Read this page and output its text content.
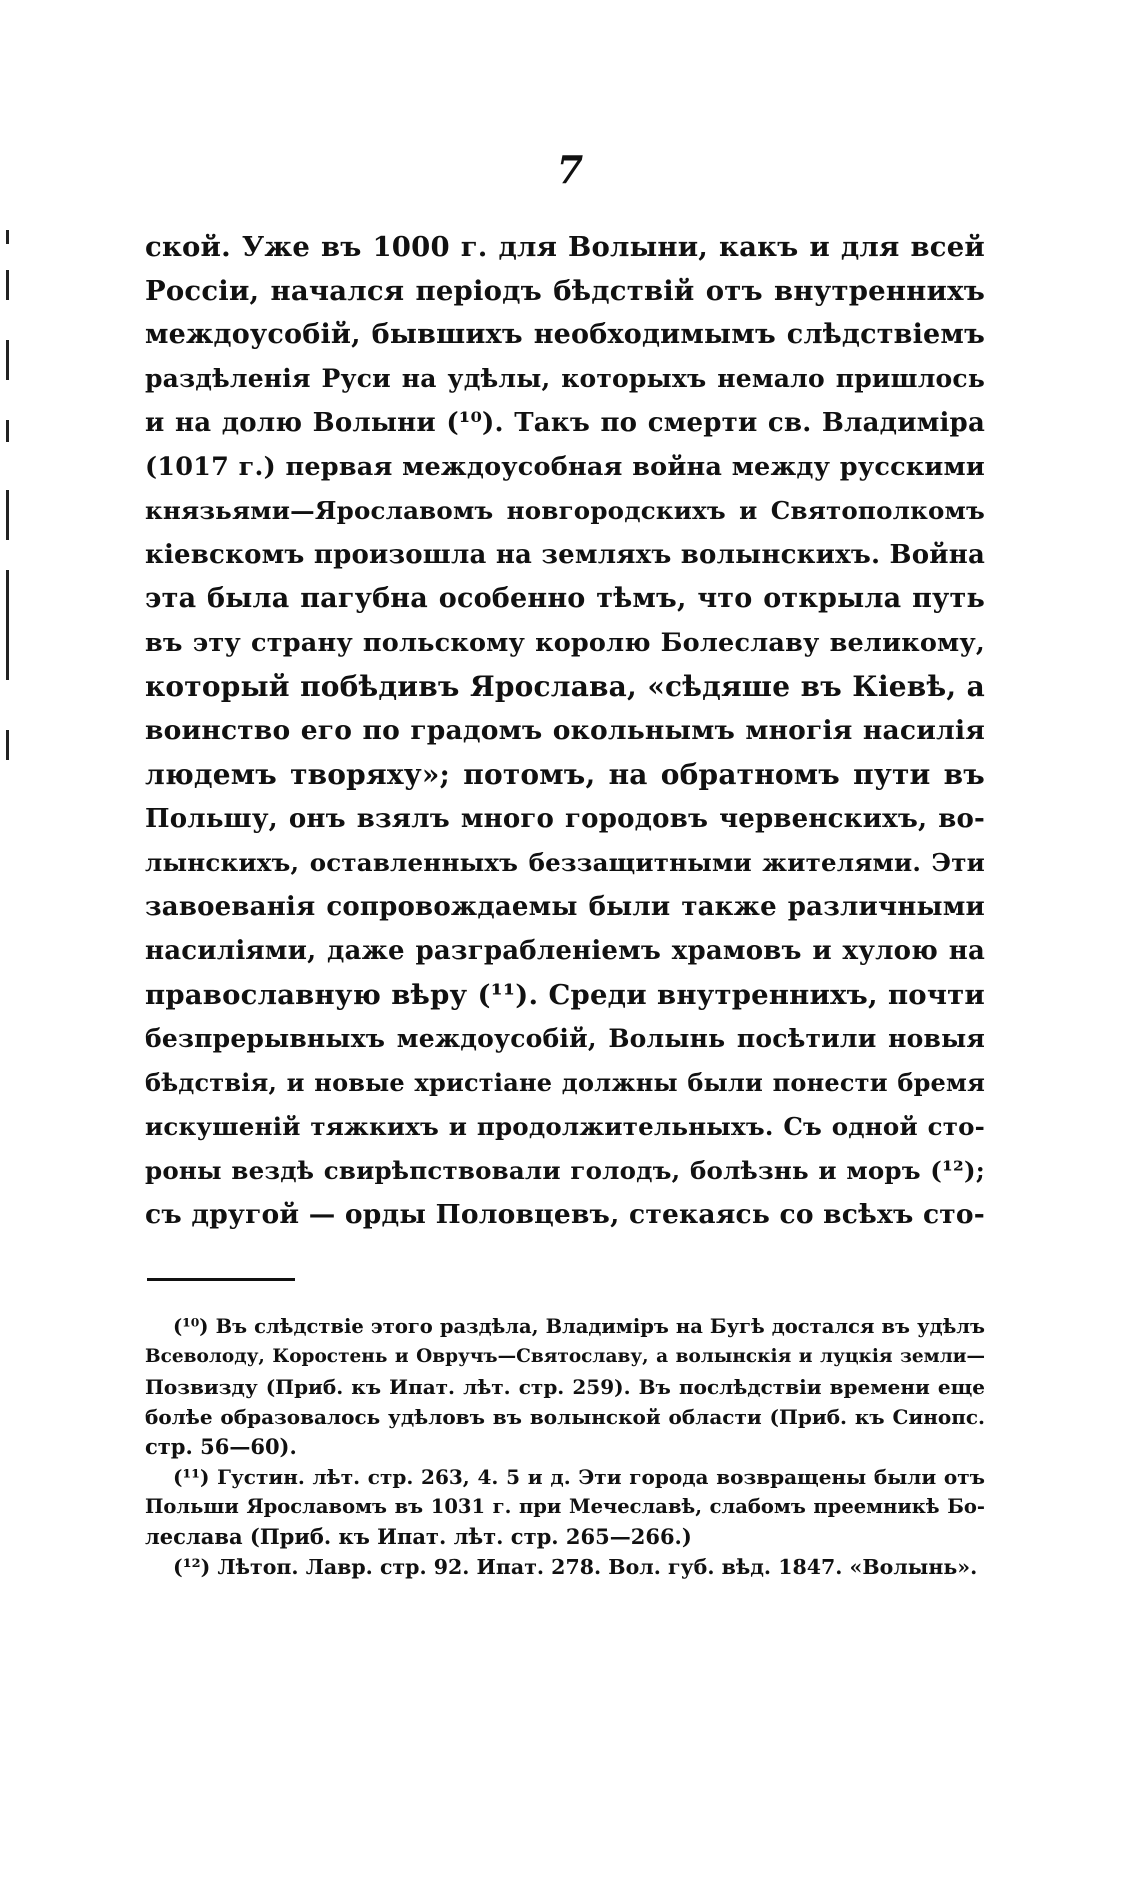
7
ской. Уже въ 1000 г. для Волыни, какъ и для всей
Россіи, начался періодъ бѣдствій отъ внутреннихъ
междоусобій, бывшихъ необходимымъ слѣдствіемъ
раздѣленія Руси на удѣлы, которыхъ немало пришлось
и на долю Волыни (¹⁰). Такъ по смерти св. Владиміра
(1017 г.) первая междоусобная война между русскими
князьями—Ярославомъ новгородскихъ и Святополкомъ
кіевскомъ произошла на земляхъ волынскихъ. Война
эта была пагубна особенно тѣмъ, что открыла путь
въ эту страну польскому королю Болеславу великому,
который побѣдивъ Ярослава, «сѣдяше въ Кіевѣ, а
воинство его по градомъ окольнымъ многія насилія
людемъ творяху»; потомъ, на обратномъ пути въ
Польшу, онъ взялъ много городовъ червенскихъ, во-
лынскихъ, оставленныхъ беззащитными жителями. Эти
завоеванія сопровождаемы были также различными
насиліями, даже разграбленіемъ храмовъ и хулою на
православную вѣру (¹¹). Среди внутреннихъ, почти
безпрерывныхъ междоусобій, Волынь посѣтили новыя
бѣдствія, и новые христіане должны были понести бремя
искушеній тяжкихъ и продолжительныхъ. Съ одной сто-
роны вездѣ свирѣпствовали голодъ, болѣзнь и моръ (¹²);
съ другой — орды Половцевъ, стекаясь со всѣхъ сто-
(¹⁰) Въ слѣдствіе этого раздѣла, Владиміръ на Бугѣ достался въ удѣлъ
Всеволоду, Коростень и Овручъ—Святославу, а волынскія и луцкія земли—
Позвизду (Приб. къ Ипат. лѣт. стр. 259). Въ послѣдствіи времени еще
болѣе образовалось удѣловъ въ волынской области (Приб. къ Синопс.
стр. 56—60).
(¹¹) Густин. лѣт. стр. 263, 4. 5 и д. Эти города возвращены были отъ
Польши Ярославомъ въ 1031 г. при Мечеславѣ, слабомъ преемникѣ Бо-
леслава (Приб. къ Ипат. лѣт. стр. 265—266.)
(¹²) Лѣтоп. Лавр. стр. 92. Ипат. 278. Вол. губ. вѣд. 1847. «Волынь».
